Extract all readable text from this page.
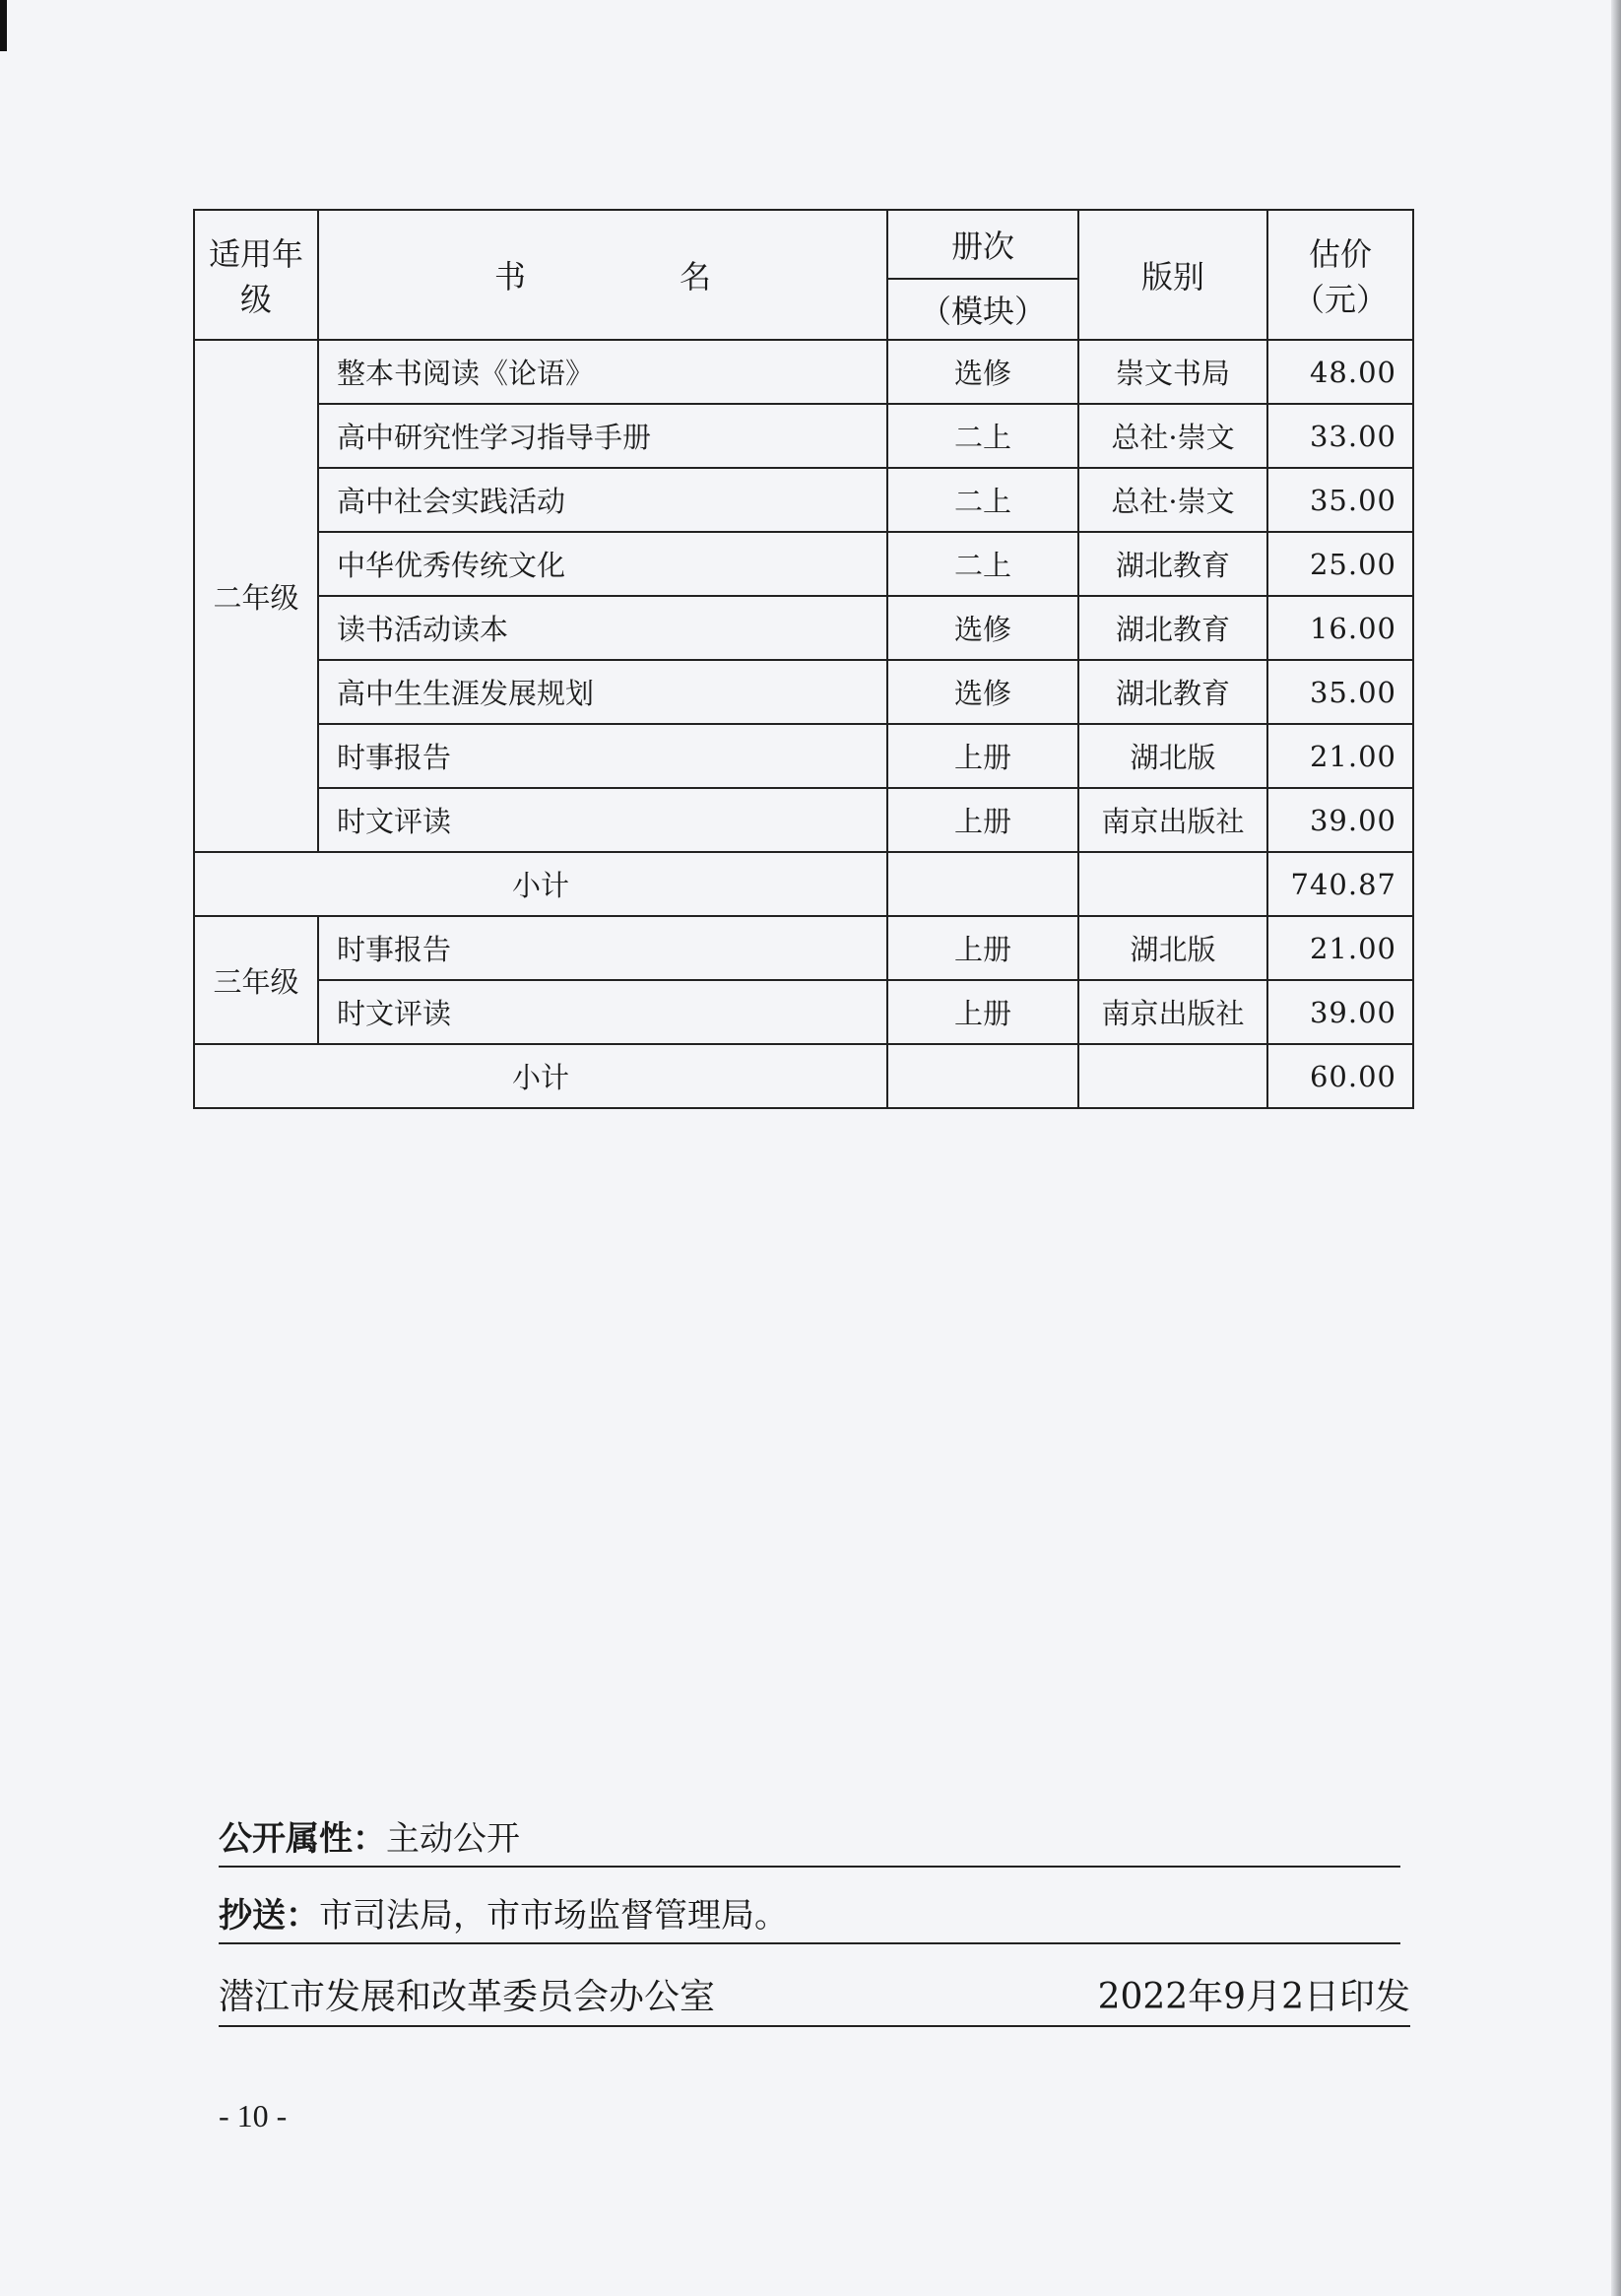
适用年级	书 名	册次	版别	估价（元）
		（模块）		
二年级	整本书阅读《论语》	选修	崇文书局	48.00
	高中研究性学习指导手册	二上	总社·崇文	33.00
	高中社会实践活动	二上	总社·崇文	35.00
	中华优秀传统文化	二上	湖北教育	25.00
	读书活动读本	选修	湖北教育	16.00
	高中生生涯发展规划	选修	湖北教育	35.00
	时事报告	上册	湖北版	21.00
	时文评读	上册	南京出版社	39.00
小计				740.87
三年级	时事报告	上册	湖北版	21.00
	时文评读	上册	南京出版社	39.00
小计				60.00
公开属性：主动公开
抄送：市司法局，市市场监督管理局。
潜江市发展和改革委员会办公室	2022年9月2日印发
- 10 -
